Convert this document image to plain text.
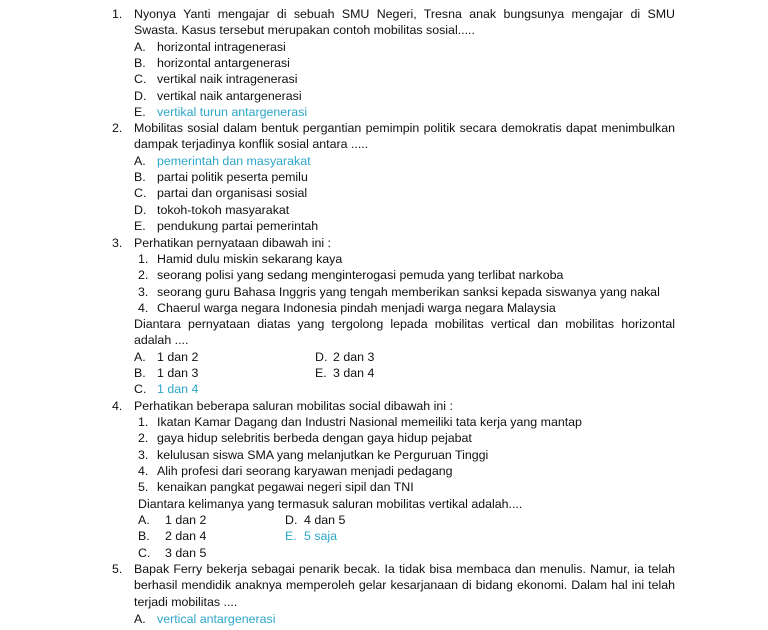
1. Nyonya Yanti mengajar di sebuah SMU Negeri, Tresna anak bungsunya mengajar di SMU Swasta. Kasus tersebut merupakan contoh mobilitas sosial.....
A. horizontal intragenerasi
B. horizontal antargenerasi
C. vertikal naik intragenerasi
D. vertikal naik antargenerasi
E. vertikal turun antargenerasi
2. Mobilitas sosial dalam bentuk pergantian pemimpin politik secara demokratis dapat menimbulkan dampak terjadinya konflik sosial antara .....
A. pemerintah dan masyarakat
B. partai politik peserta pemilu
C. partai dan organisasi sosial
D. tokoh-tokoh masyarakat
E. pendukung partai pemerintah
3. Perhatikan pernyataan dibawah ini :
1. Hamid dulu miskin sekarang kaya
2. seorang polisi yang sedang menginterogasi pemuda yang terlibat narkoba
3. seorang guru Bahasa Inggris yang tengah memberikan sanksi kepada siswanya yang nakal
4. Chaerul warga negara Indonesia pindah menjadi warga negara Malaysia
Diantara pernyataan diatas yang tergolong lepada mobilitas vertical dan mobilitas horizontal adalah ....
A. 1 dan 2
B. 1 dan 3
C. 1 dan 4
D. 2 dan 3
E. 3 dan 4
4. Perhatikan beberapa saluran mobilitas social dibawah ini :
1. Ikatan Kamar Dagang dan Industri Nasional memeiliki tata kerja yang mantap
2. gaya hidup selebritis berbeda dengan gaya hidup pejabat
3. kelulusan siswa SMA yang melanjutkan ke Perguruan Tinggi
4. Alih profesi dari seorang karyawan menjadi pedagang
5. kenaikan pangkat pegawai negeri sipil dan TNI
Diantara kelimanya yang termasuk saluran mobilitas vertikal adalah....
A. 1 dan 2
B. 2 dan 4
C. 3 dan 5
D. 4 dan 5
E. 5 saja
5. Bapak Ferry bekerja sebagai penarik becak. Ia tidak bisa membaca dan menulis. Namur, ia telah berhasil mendidik anaknya memperoleh gelar kesarjanaan di bidang ekonomi. Dalam hal ini telah terjadi mobilitas ....
A. vertical antargenerasi
